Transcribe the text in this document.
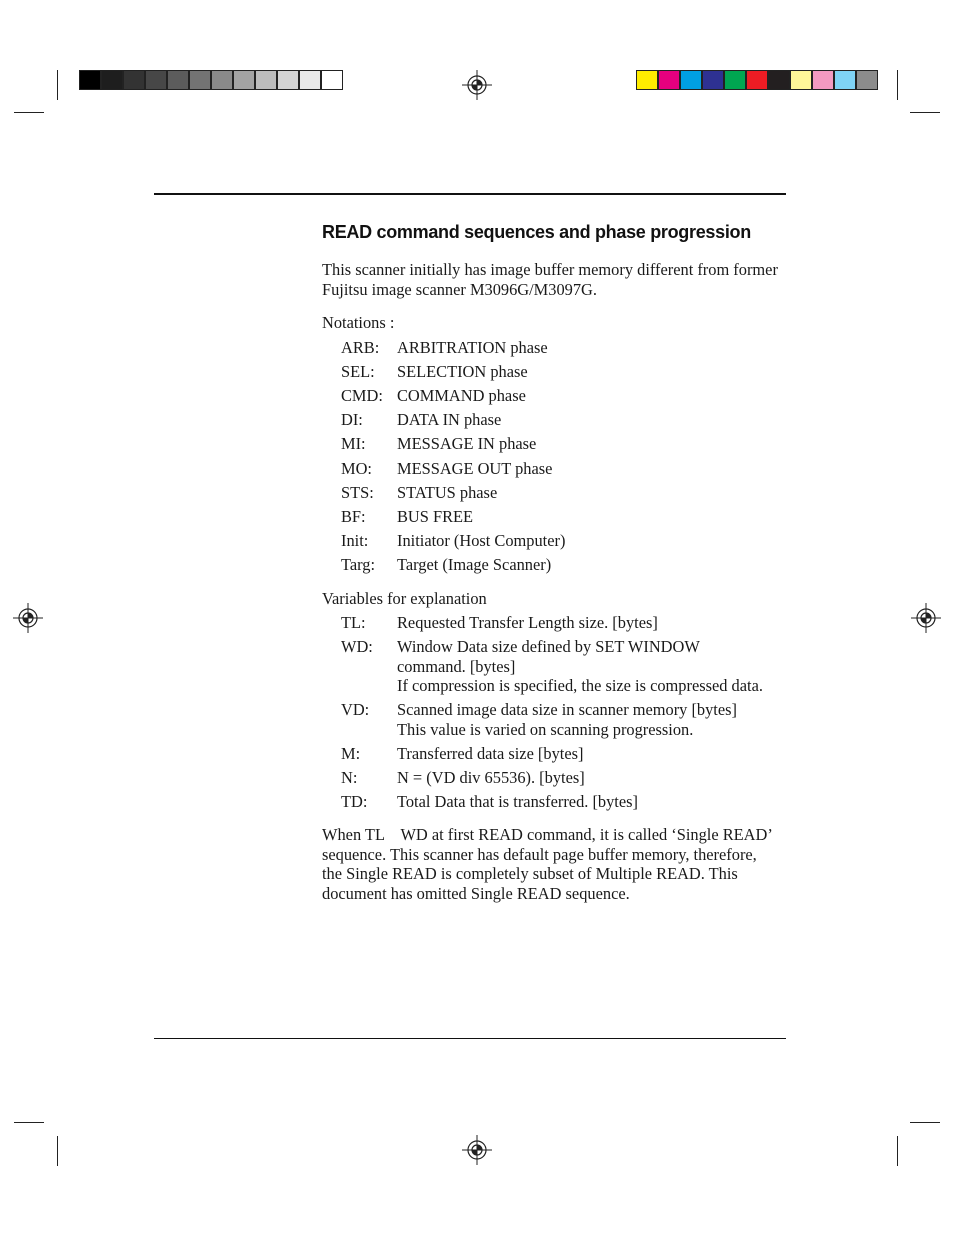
READ command sequences and phase progression
This scanner initially has image buffer memory different from former Fujitsu image scanner M3096G/M3097G.
Notations :
ARB: ARBITRATION phase
SEL: SELECTION phase
CMD: COMMAND phase
DI: DATA IN phase
MI: MESSAGE IN phase
MO: MESSAGE OUT phase
STS: STATUS phase
BF: BUS FREE
Init: Initiator (Host Computer)
Targ: Target (Image Scanner)
Variables for explanation
TL: Requested Transfer Length size. [bytes]
WD: Window Data size defined by SET WINDOW
command. [bytes]
If compression is specified, the size is compressed data.
VD: Scanned image data size in scanner memory [bytes]
This value is varied on scanning progression.
M: Transferred data size [bytes]
N: N = (VD div 65536). [bytes]
TD: Total Data that is transferred. [bytes]
When TL    WD at first READ command, it is called ‘Single READ’
sequence. This scanner has default page buffer memory, therefore,
the Single READ is completely subset of Multiple READ. This
document has omitted Single READ sequence.
